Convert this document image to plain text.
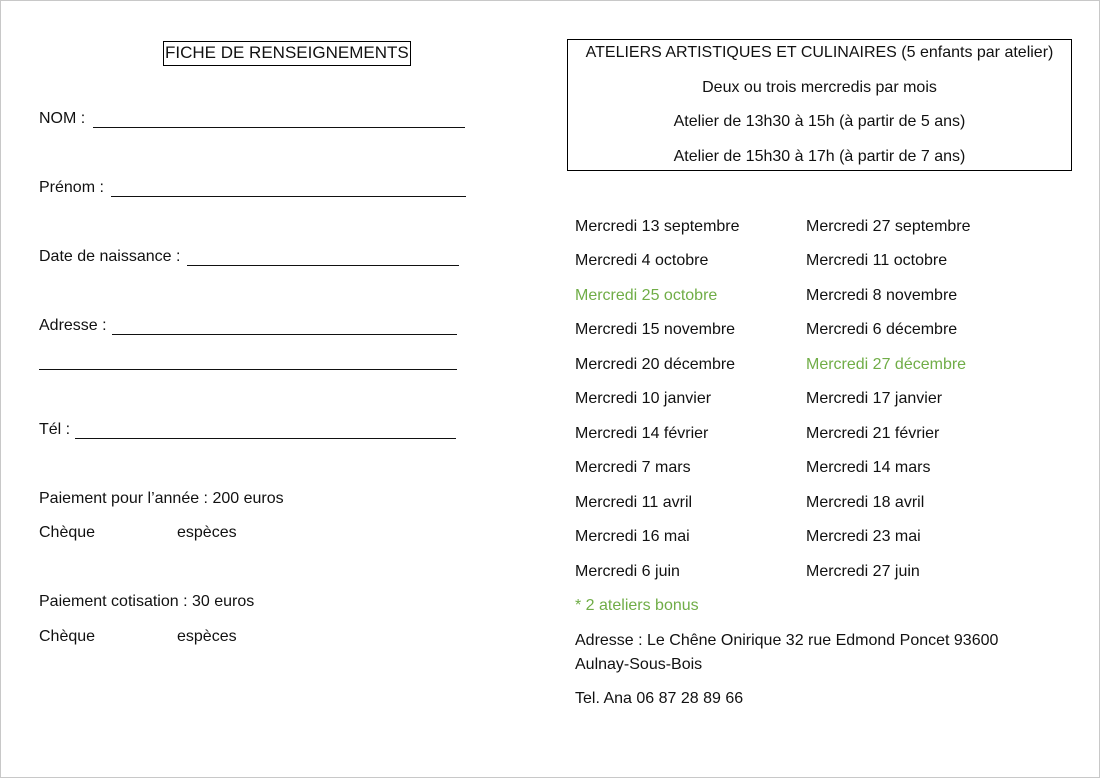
FICHE DE RENSEIGNEMENTS
NOM :
Prénom :
Date de naissance :
Adresse :
Tél :
Paiement pour l’année : 200 euros
Chèque	espèces
Paiement cotisation : 30 euros
Chèque	espèces
ATELIERS ARTISTIQUES ET CULINAIRES (5 enfants par atelier)
Deux ou trois mercredis par mois
Atelier de 13h30 à 15h (à partir de 5 ans)
Atelier de 15h30 à 17h (à partir de 7 ans)
Mercredi 13 septembre
Mercredi 4 octobre
Mercredi 25 octobre
Mercredi 15 novembre
Mercredi 20 décembre
Mercredi 10 janvier
Mercredi 14 février
Mercredi 7 mars
Mercredi 11 avril
Mercredi 16 mai
Mercredi 6 juin
Mercredi 27 septembre
Mercredi 11 octobre
Mercredi 8 novembre
Mercredi 6 décembre
Mercredi 27 décembre
Mercredi 17 janvier
Mercredi 21 février
Mercredi 14 mars
Mercredi 18 avril
Mercredi 23 mai
Mercredi 27 juin
* 2 ateliers bonus
Adresse : Le Chêne Onirique 32 rue Edmond Poncet 93600
Aulnay-Sous-Bois
Tel. Ana 06 87 28 89 66
